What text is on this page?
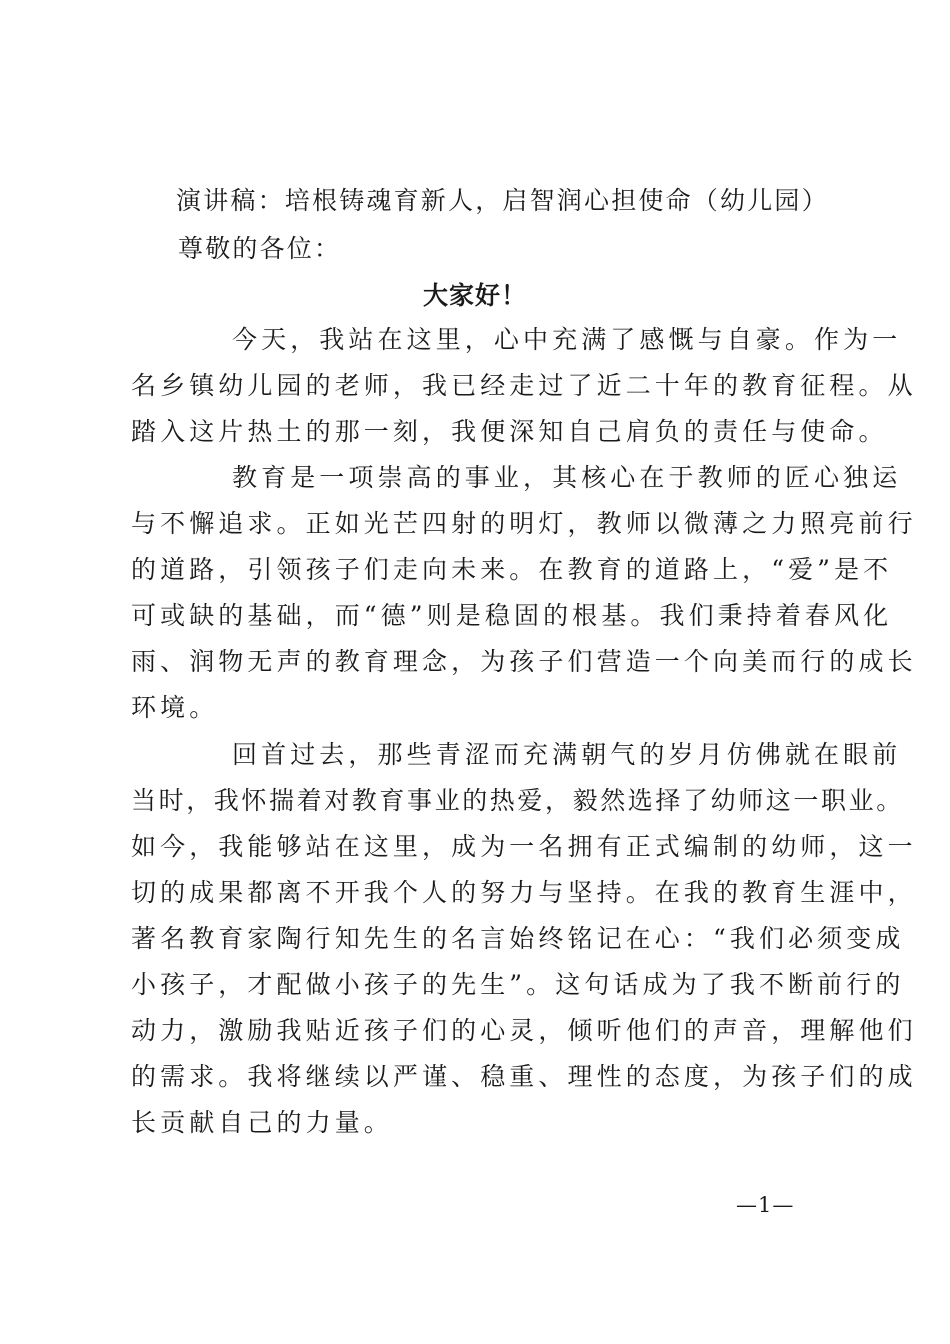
演讲稿：培根铸魂育新人，启智润心担使命（幼儿园）
尊敬的各位：
大家好！
今天，我站在这里，心中充满了感慨与自豪。作为一
名乡镇幼儿园的老师，我已经走过了近二十年的教育征程。从
踏入这片热土的那一刻，我便深知自己肩负的责任与使命。
教育是一项崇高的事业，其核心在于教师的匠心独运
与不懈追求。正如光芒四射的明灯，教师以微薄之力照亮前行
的道路，引领孩子们走向未来。在教育的道路上，“爱”是不
可或缺的基础，而“德”则是稳固的根基。我们秉持着春风化
雨、润物无声的教育理念，为孩子们营造一个向美而行的成长
环境。
回首过去，那些青涩而充满朝气的岁月仿佛就在眼前
当时，我怀揣着对教育事业的热爱，毅然选择了幼师这一职业。
如今，我能够站在这里，成为一名拥有正式编制的幼师，这一
切的成果都离不开我个人的努力与坚持。在我的教育生涯中，
著名教育家陶行知先生的名言始终铭记在心：“我们必须变成
小孩子，才配做小孩子的先生”。这句话成为了我不断前行的
动力，激励我贴近孩子们的心灵，倾听他们的声音，理解他们
的需求。我将继续以严谨、稳重、理性的态度，为孩子们的成
长贡献自己的力量。
—1—
